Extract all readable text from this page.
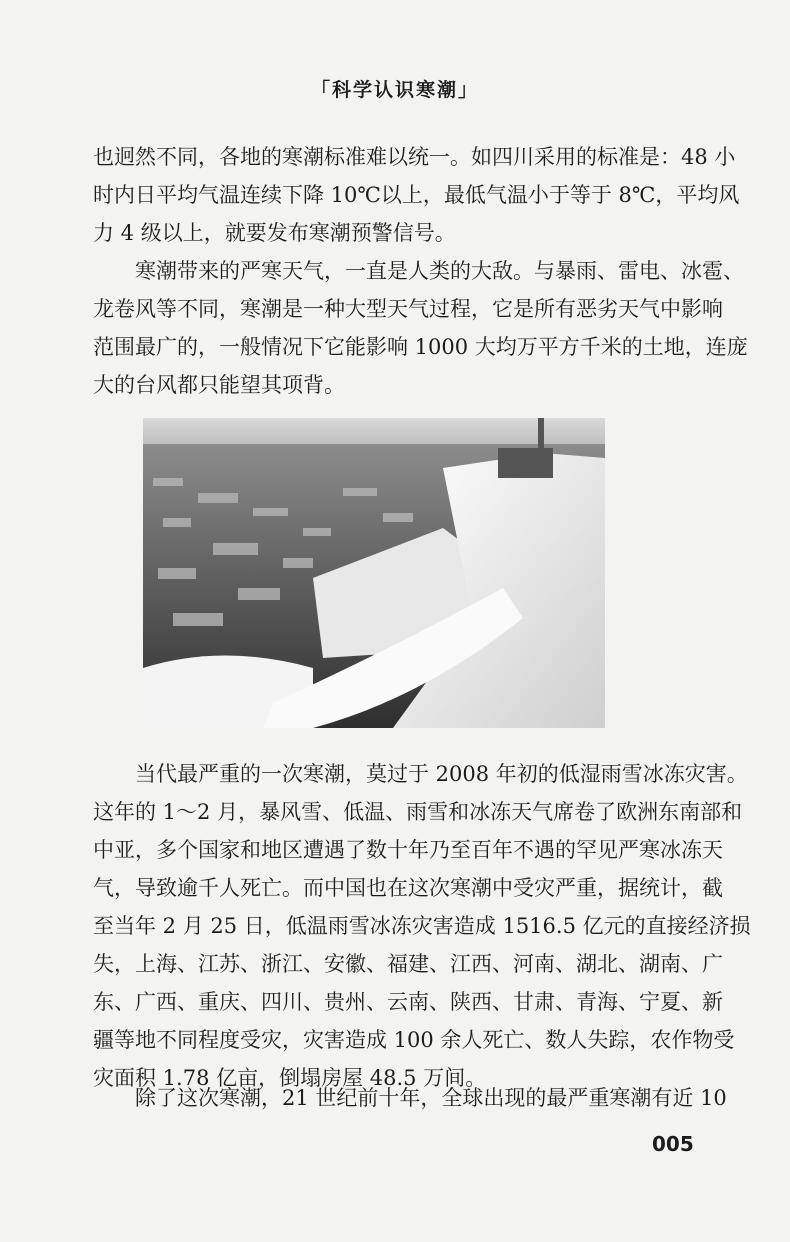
「科学认识寒潮」

也迥然不同，各地的寒潮标准难以统一。如四川采用的标准是：48 小
时内日平均气温连续下降 10℃以上，最低气温小于等于 8℃，平均风
力 4 级以上，就要发布寒潮预警信号。

寒潮带来的严寒天气，一直是人类的大敌。与暴雨、雷电、冰雹、
龙卷风等不同，寒潮是一种大型天气过程，它是所有恶劣天气中影响
范围最广的，一般情况下它能影响 1000 大均万平方千米的土地，连庞
大的台风都只能望其项背。

当代最严重的一次寒潮，莫过于 2008 年初的低湿雨雪冰冻灾害。
这年的 1～2 月，暴风雪、低温、雨雪和冰冻天气席卷了欧洲东南部和
中亚，多个国家和地区遭遇了数十年乃至百年不遇的罕见严寒冰冻天
气，导致逾千人死亡。而中国也在这次寒潮中受灾严重，据统计，截
至当年 2 月 25 日，低温雨雪冰冻灾害造成 1516.5 亿元的直接经济损
失，上海、江苏、浙江、安徽、福建、江西、河南、湖北、湖南、广
东、广西、重庆、四川、贵州、云南、陕西、甘肃、青海、宁夏、新
疆等地不同程度受灾，灾害造成 100 余人死亡、数人失踪，农作物受
灾面积 1.78 亿亩，倒塌房屋 48.5 万间。

除了这次寒潮，21 世纪前十年，全球出现的最严重寒潮有近 10

005
